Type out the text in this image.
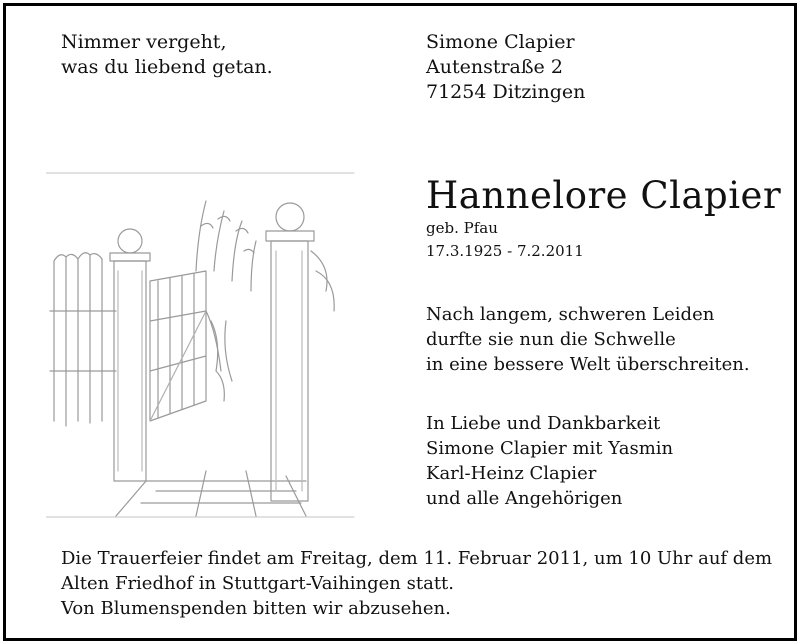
Nimmer vergeht,
was du liebend getan.
Simone Clapier
Autenstraße 2
71254 Ditzingen
Hannelore Clapier
geb. Pfau
17.3.1925 - 7.2.2011
Nach langem, schweren Leiden
durfte sie nun die Schwelle
in eine bessere Welt überschreiten.
In Liebe und Dankbarkeit
Simone Clapier mit Yasmin
Karl-Heinz Clapier
und alle Angehörigen
Die Trauerfeier findet am Freitag, dem 11. Februar 2011, um 10 Uhr auf dem
Alten Friedhof in Stuttgart-Vaihingen statt.
Von Blumenspenden bitten wir abzusehen.
